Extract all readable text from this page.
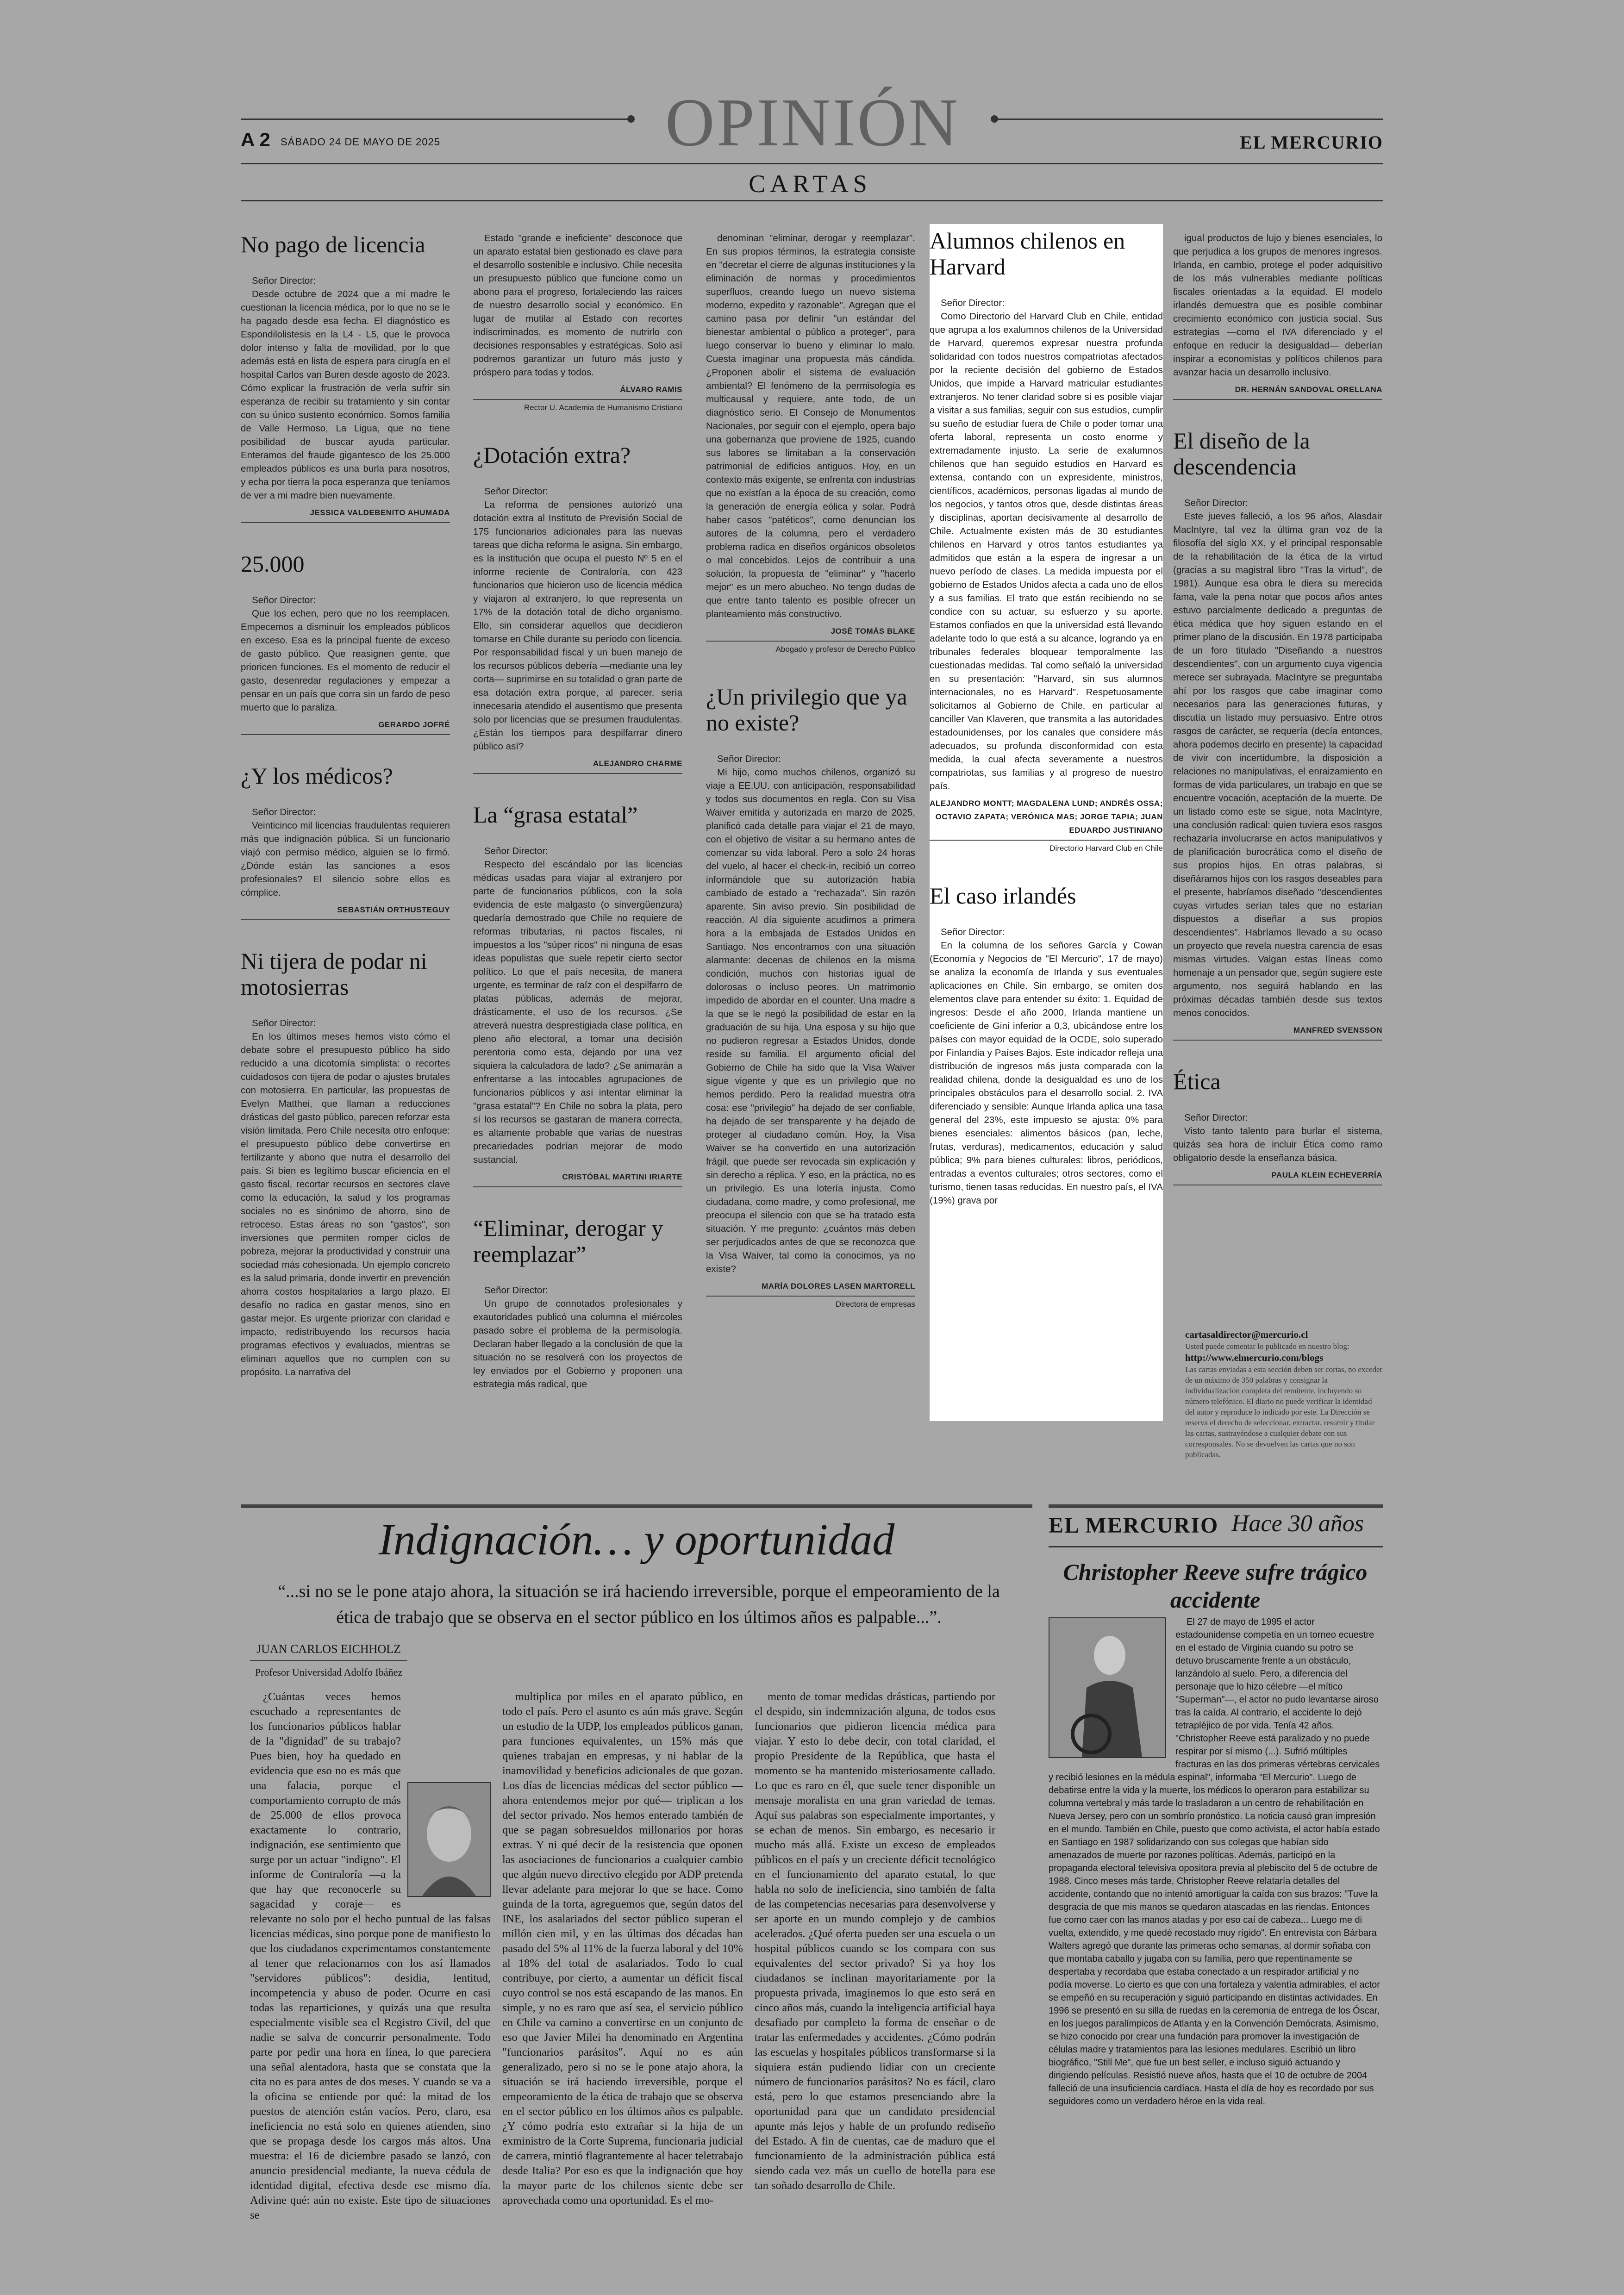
OPINIÓN
A 2 SÁBADO 24 DE MAYO DE 2025	EL MERCURIO
CARTAS
No pago de licencia

Señor Director:

Desde octubre de 2024 que a mi madre le cuestionan la licencia médica, por lo que no se le ha pagado desde esa fecha. El diagnóstico es Espondilolistesis en la L4 - L5, que le provoca dolor intenso y falta de movilidad, por lo que además está en lista de espera para cirugía en el hospital Carlos van Buren desde agosto de 2023. Cómo explicar la frustración de verla sufrir sin esperanza de recibir su tratamiento y sin contar con su único sustento económico. Somos familia de Valle Hermoso, La Ligua, que no tiene posibilidad de buscar ayuda particular. Enteramos del fraude gigantesco de los 25.000 empleados públicos es una burla para nosotros, y echa por tierra la poca esperanza que teníamos de ver a mi madre bien nuevamente.

JESSICA VALDEBENITO AHUMADA
25.000

Señor Director:

Que los echen, pero que no los reemplacen. Empecemos a disminuir los empleados públicos en exceso. Esa es la principal fuente de exceso de gasto público. Que reasignen gente, que prioricen funciones. Es el momento de reducir el gasto, desenredar regulaciones y empezar a pensar en un país que corra sin un fardo de peso muerto que lo paraliza.

GERARDO JOFRÉ
¿Y los médicos?

Señor Director:

Veinticinco mil licencias fraudulentas requieren más que indignación pública. Si un funcionario viajó con permiso médico, alguien se lo firmó. ¿Dónde están las sanciones a esos profesionales? El silencio sobre ellos es cómplice.

SEBASTIÁN ORTHUSTEGUY
Ni tijera de podar ni motosierras

Señor Director:

En los últimos meses hemos visto cómo el debate sobre el presupuesto público ha sido reducido a una dicotomía simplista: o recortes cuidadosos con tijera de podar o ajustes brutales con motosierra. En particular, las propuestas de Evelyn Matthei, que llaman a reducciones drásticas del gasto público, parecen reforzar esta visión limitada. Pero Chile necesita otro enfoque: el presupuesto público debe convertirse en fertilizante y abono que nutra el desarrollo del país. Si bien es legítimo buscar eficiencia en el gasto fiscal, recortar recursos en sectores clave como la educación, la salud y los programas sociales no es sinónimo de ahorro, sino de retroceso. Estas áreas no son "gastos", son inversiones que permiten romper ciclos de pobreza, mejorar la productividad y construir una sociedad más cohesionada. Un ejemplo concreto es la salud primaria, donde invertir en prevención ahorra costos hospitalarios a largo plazo. El desafío no radica en gastar menos, sino en gastar mejor. Es urgente priorizar con claridad e impacto, redistribuyendo los recursos hacia programas efectivos y evaluados, mientras se eliminan aquellos que no cumplen con su propósito. La narrativa del

Estado "grande e ineficiente" desconoce que un aparato estatal bien gestionado es clave para el desarrollo sostenible e inclusivo. Chile necesita un presupuesto público que funcione como un abono para el progreso, fortaleciendo las raíces de nuestro desarrollo social y económico. En lugar de mutilar al Estado con recortes indiscriminados, es momento de nutrirlo con decisiones responsables y estratégicas. Solo así podremos garantizar un futuro más justo y próspero para todas y todos.

ÁLVARO RAMIS
Rector U. Academia de Humanismo Cristiano
¿Dotación extra?

Señor Director:

La reforma de pensiones autorizó una dotación extra al Instituto de Previsión Social de 175 funcionarios adicionales para las nuevas tareas que dicha reforma le asigna. Sin embargo, es la institución que ocupa el puesto Nº 5 en el informe reciente de Contraloría, con 423 funcionarios que hicieron uso de licencia médica y viajaron al extranjero, lo que representa un 17% de la dotación total de dicho organismo. Ello, sin considerar aquellos que decidieron tomarse en Chile durante su período con licencia. Por responsabilidad fiscal y un buen manejo de los recursos públicos debería —mediante una ley corta— suprimirse en su totalidad o gran parte de esa dotación extra porque, al parecer, sería innecesaria atendido el ausentismo que presenta solo por licencias que se presumen fraudulentas. ¿Están los tiempos para despilfarrar dinero público así?

ALEJANDRO CHARME
La “grasa estatal”

Señor Director:

Respecto del escándalo por las licencias médicas usadas para viajar al extranjero por parte de funcionarios públicos, con la sola evidencia de este malgasto (o sinvergüenzura) quedaría demostrado que Chile no requiere de reformas tributarias, ni pactos fiscales, ni impuestos a los "súper ricos" ni ninguna de esas ideas populistas que suele repetir cierto sector político. Lo que el país necesita, de manera urgente, es terminar de raíz con el despilfarro de platas públicas, además de mejorar, drásticamente, el uso de los recursos. ¿Se atreverá nuestra desprestigiada clase política, en pleno año electoral, a tomar una decisión perentoria como esta, dejando por una vez siquiera la calculadora de lado? ¿Se animarán a enfrentarse a las intocables agrupaciones de funcionarios públicos y así intentar eliminar la "grasa estatal"? En Chile no sobra la plata, pero sí los recursos se gastaran de manera correcta, es altamente probable que varias de nuestras precariedades podrían mejorar de modo sustancial.

CRISTÓBAL MARTINI IRIARTE
“Eliminar, derogar y reemplazar”

Señor Director:

Un grupo de connotados profesionales y exautoridades publicó una columna el miércoles pasado sobre el problema de la permisología. Declaran haber llegado a la conclusión de que la situación no se resolverá con los proyectos de ley enviados por el Gobierno y proponen una estrategia más radical, que

denominan "eliminar, derogar y reemplazar". En sus propios términos, la estrategia consiste en "decretar el cierre de algunas instituciones y la eliminación de normas y procedimientos superfluos, creando luego un nuevo sistema moderno, expedito y razonable". Agregan que el camino pasa por definir "un estándar del bienestar ambiental o público a proteger", para luego conservar lo bueno y eliminar lo malo. Cuesta imaginar una propuesta más cándida. ¿Proponen abolir el sistema de evaluación ambiental? El fenómeno de la permisología es multicausal y requiere, ante todo, de un diagnóstico serio. El Consejo de Monumentos Nacionales, por seguir con el ejemplo, opera bajo una gobernanza que proviene de 1925, cuando sus labores se limitaban a la conservación patrimonial de edificios antiguos. Hoy, en un contexto más exigente, se enfrenta con industrias que no existían a la época de su creación, como la generación de energía eólica y solar. Podrá haber casos "patéticos", como denuncian los autores de la columna, pero el verdadero problema radica en diseños orgánicos obsoletos o mal concebidos. Lejos de contribuir a una solución, la propuesta de "eliminar" y "hacerlo mejor" es un mero abucheo. No tengo dudas de que entre tanto talento es posible ofrecer un planteamiento más constructivo.

JOSÉ TOMÁS BLAKE
Abogado y profesor de Derecho Público
¿Un privilegio que ya no existe?

Señor Director:

Mi hijo, como muchos chilenos, organizó su viaje a EE.UU. con anticipación, responsabilidad y todos sus documentos en regla. Con su Visa Waiver emitida y autorizada en marzo de 2025, planificó cada detalle para viajar el 21 de mayo, con el objetivo de visitar a su hermano antes de comenzar su vida laboral. Pero a solo 24 horas del vuelo, al hacer el check-in, recibió un correo informándole que su autorización había cambiado de estado a "rechazada". Sin razón aparente. Sin aviso previo. Sin posibilidad de reacción. Al día siguiente acudimos a primera hora a la embajada de Estados Unidos en Santiago. Nos encontramos con una situación alarmante: decenas de chilenos en la misma condición, muchos con historias igual de dolorosas o incluso peores. Un matrimonio impedido de abordar en el counter. Una madre a la que se le negó la posibilidad de estar en la graduación de su hija. Una esposa y su hijo que no pudieron regresar a Estados Unidos, donde reside su familia. El argumento oficial del Gobierno de Chile ha sido que la Visa Waiver sigue vigente y que es un privilegio que no hemos perdido. Pero la realidad muestra otra cosa: ese "privilegio" ha dejado de ser confiable, ha dejado de ser transparente y ha dejado de proteger al ciudadano común. Hoy, la Visa Waiver se ha convertido en una autorización frágil, que puede ser revocada sin explicación y sin derecho a réplica. Y eso, en la práctica, no es un privilegio. Es una lotería injusta. Como ciudadana, como madre, y como profesional, me preocupa el silencio con que se ha tratado esta situación. Y me pregunto: ¿cuántos más deben ser perjudicados antes de que se reconozca que la Visa Waiver, tal como la conocimos, ya no existe?

MARÍA DOLORES LASEN MARTORELL
Directora de empresas
Alumnos chilenos en Harvard

Señor Director:

Como Directorio del Harvard Club en Chile, entidad que agrupa a los exalumnos chilenos de la Universidad de Harvard, queremos expresar nuestra profunda solidaridad con todos nuestros compatriotas afectados por la reciente decisión del gobierno de Estados Unidos, que impide a Harvard matricular estudiantes extranjeros. No tener claridad sobre si es posible viajar a visitar a sus familias, seguir con sus estudios, cumplir su sueño de estudiar fuera de Chile o poder tomar una oferta laboral, representa un costo enorme y extremadamente injusto. La serie de exalumnos chilenos que han seguido estudios en Harvard es extensa, contando con un expresidente, ministros, científicos, académicos, personas ligadas al mundo de los negocios, y tantos otros que, desde distintas áreas y disciplinas, aportan decisivamente al desarrollo de Chile. Actualmente existen más de 30 estudiantes chilenos en Harvard y otros tantos estudiantes ya admitidos que están a la espera de ingresar a un nuevo período de clases. La medida impuesta por el gobierno de Estados Unidos afecta a cada uno de ellos y a sus familias. El trato que están recibiendo no se condice con su actuar, su esfuerzo y su aporte. Estamos confiados en que la universidad está llevando adelante todo lo que está a su alcance, logrando ya en tribunales federales bloquear temporalmente las cuestionadas medidas. Tal como señaló la universidad en su presentación: "Harvard, sin sus alumnos internacionales, no es Harvard". Respetuosamente solicitamos al Gobierno de Chile, en particular al canciller Van Klaveren, que transmita a las autoridades estadounidenses, por los canales que considere más adecuados, su profunda disconformidad con esta medida, la cual afecta severamente a nuestros compatriotas, sus familias y al progreso de nuestro país.

ALEJANDRO MONTT; MAGDALENA LUND; ANDRÉS OSSA; OCTAVIO ZAPATA; VERÓNICA MAS; JORGE TAPIA; JUAN EDUARDO JUSTINIANO
Directorio Harvard Club en Chile
El caso irlandés

Señor Director:

En la columna de los señores García y Cowan (Economía y Negocios de "El Mercurio", 17 de mayo) se analiza la economía de Irlanda y sus eventuales aplicaciones en Chile. Sin embargo, se omiten dos elementos clave para entender su éxito: 1. Equidad de ingresos: Desde el año 2000, Irlanda mantiene un coeficiente de Gini inferior a 0,3, ubicándose entre los países con mayor equidad de la OCDE, solo superado por Finlandia y Países Bajos. Este indicador refleja una distribución de ingresos más justa comparada con la realidad chilena, donde la desigualdad es uno de los principales obstáculos para el desarrollo social. 2. IVA diferenciado y sensible: Aunque Irlanda aplica una tasa general del 23%, este impuesto se ajusta: 0% para bienes esenciales: alimentos básicos (pan, leche, frutas, verduras), medicamentos, educación y salud pública; 9% para bienes culturales: libros, periódicos, entradas a eventos culturales; otros sectores, como el turismo, tienen tasas reducidas. En nuestro país, el IVA (19%) grava por

igual productos de lujo y bienes esenciales, lo que perjudica a los grupos de menores ingresos. Irlanda, en cambio, protege el poder adquisitivo de los más vulnerables mediante políticas fiscales orientadas a la equidad. El modelo irlandés demuestra que es posible combinar crecimiento económico con justicia social. Sus estrategias —como el IVA diferenciado y el enfoque en reducir la desigualdad— deberían inspirar a economistas y políticos chilenos para avanzar hacia un desarrollo inclusivo.

DR. HERNÁN SANDOVAL ORELLANA
El diseño de la descendencia

Señor Director:

Este jueves falleció, a los 96 años, Alasdair MacIntyre, tal vez la última gran voz de la filosofía del siglo XX, y el principal responsable de la rehabilitación de la ética de la virtud (gracias a su magistral libro "Tras la virtud", de 1981). Aunque esa obra le diera su merecida fama, vale la pena notar que pocos años antes estuvo parcialmente dedicado a preguntas de ética médica que hoy siguen estando en el primer plano de la discusión. En 1978 participaba de un foro titulado "Diseñando a nuestros descendientes", con un argumento cuya vigencia merece ser subrayada. MacIntyre se preguntaba ahí por los rasgos que cabe imaginar como necesarios para las generaciones futuras, y discutía un listado muy persuasivo. Entre otros rasgos de carácter, se requería (decía entonces, ahora podemos decirlo en presente) la capacidad de vivir con incertidumbre, la disposición a relaciones no manipulativas, el enraizamiento en formas de vida particulares, un trabajo en que se encuentre vocación, aceptación de la muerte. De un listado como este se sigue, nota MacIntyre, una conclusión radical: quien tuviera esos rasgos rechazaría involucrarse en actos manipulativos y de planificación burocrática como el diseño de sus propios hijos. En otras palabras, si diseñáramos hijos con los rasgos deseables para el presente, habríamos diseñado "descendientes cuyas virtudes serían tales que no estarían dispuestos a diseñar a sus propios descendientes". Habríamos llevado a su ocaso un proyecto que revela nuestra carencia de esas mismas virtudes. Valgan estas líneas como homenaje a un pensador que, según sugiere este argumento, nos seguirá hablando en las próximas décadas también desde sus textos menos conocidos.

MANFRED SVENSSON
Ética

Señor Director:

Visto tanto talento para burlar el sistema, quizás sea hora de incluir Ética como ramo obligatorio desde la enseñanza básica.

PAULA KLEIN ECHEVERRÍA
cartasaldirector@mercurio.cl
Usted puede comentar lo publicado en nuestro blog:
http://www.elmercurio.com/blogs
Las cartas enviadas a esta sección deben ser cortas, no exceder de un máximo de 350 palabras y consignar la individualización completa del remitente, incluyendo su número telefónico. El diario no puede verificar la identidad del autor y reproduce lo indicado por este. La Dirección se reserva el derecho de seleccionar, extractar, resumir y titular las cartas, sustrayéndose a cualquier debate con sus corresponsales. No se devuelven las cartas que no son publicadas.
Indignación… y oportunidad
“...si no se le pone atajo ahora, la situación se irá haciendo irreversible, porque el empeoramiento de la ética de trabajo que se observa en el sector público en los últimos años es palpable...”.
JUAN CARLOS EICHHOLZ
Profesor Universidad Adolfo Ibáñez

¿Cuántas veces hemos escuchado a representantes de los funcionarios públicos hablar de la "dignidad" de su trabajo? Pues bien, hoy ha quedado en evidencia que eso no es más que una falacia, porque el comportamiento corrupto de más de 25.000 de ellos provoca exactamente lo contrario, indignación, ese sentimiento que surge por un actuar "indigno". El informe de Contraloría —a la que hay que reconocerle su sagacidad y coraje— es relevante no solo por el hecho puntual de las falsas licencias médicas, sino porque pone de manifiesto lo que los ciudadanos experimentamos constantemente al tener que relacionarnos con los así llamados "servidores públicos": desidia, lentitud, incompetencia y abuso de poder. Ocurre en casi todas las reparticiones, y quizás una que resulta especialmente visible sea el Registro Civil, del que nadie se salva de concurrir personalmente. Todo parte por pedir una hora en línea, lo que pareciera una señal alentadora, hasta que se constata que la cita no es para antes de dos meses. Y cuando se va a la oficina se entiende por qué: la mitad de los puestos de atención están vacíos. Pero, claro, esa ineficiencia no está solo en quienes atienden, sino que se propaga desde los cargos más altos. Una muestra: el 16 de diciembre pasado se lanzó, con anuncio presidencial mediante, la nueva cédula de identidad digital, efectiva desde ese mismo día. Adivine qué: aún no existe. Este tipo de situaciones se

multiplica por miles en el aparato público, en todo el país. Pero el asunto es aún más grave. Según un estudio de la UDP, los empleados públicos ganan, para funciones equivalentes, un 15% más que quienes trabajan en empresas, y ni hablar de la inamovilidad y beneficios adicionales de que gozan. Los días de licencias médicas del sector público —ahora entendemos mejor por qué— triplican a los del sector privado. Nos hemos enterado también de que se pagan sobresueldos millonarios por horas extras. Y ni qué decir de la resistencia que oponen las asociaciones de funcionarios a cualquier cambio que algún nuevo directivo elegido por ADP pretenda llevar adelante para mejorar lo que se hace. Como guinda de la torta, agreguemos que, según datos del INE, los asalariados del sector público superan el millón cien mil, y en las últimas dos décadas han pasado del 5% al 11% de la fuerza laboral y del 10% al 18% del total de asalariados. Todo lo cual contribuye, por cierto, a aumentar un déficit fiscal cuyo control se nos está escapando de las manos. En simple, y no es raro que así sea, el servicio público en Chile va camino a convertirse en un conjunto de eso que Javier Milei ha denominado en Argentina "funcionarios parásitos". Aquí no es aún generalizado, pero si no se le pone atajo ahora, la situación se irá haciendo irreversible, porque el empeoramiento de la ética de trabajo que se observa en el sector público en los últimos años es palpable. ¿Y cómo podría esto extrañar si la hija de un exministro de la Corte Suprema, funcionaria judicial de carrera, mintió flagrantemente al hacer teletrabajo desde Italia? Por eso es que la indignación que hoy la mayor parte de los chilenos siente debe ser aprovechada como una oportunidad. Es el mo-

mento de tomar medidas drásticas, partiendo por el despido, sin indemnización alguna, de todos esos funcionarios que pidieron licencia médica para viajar. Y esto lo debe decir, con total claridad, el propio Presidente de la República, que hasta el momento se ha mantenido misteriosamente callado. Lo que es raro en él, que suele tener disponible un mensaje moralista en una gran variedad de temas. Aquí sus palabras son especialmente importantes, y se echan de menos. Sin embargo, es necesario ir mucho más allá. Existe un exceso de empleados públicos en el país y un creciente déficit tecnológico en el funcionamiento del aparato estatal, lo que habla no solo de ineficiencia, sino también de falta de las competencias necesarias para desenvolverse y ser aporte en un mundo complejo y de cambios acelerados. ¿Qué oferta pueden ser una escuela o un hospital públicos cuando se los compara con sus equivalentes del sector privado? Si ya hoy los ciudadanos se inclinan mayoritariamente por la propuesta privada, imaginemos lo que esto será en cinco años más, cuando la inteligencia artificial haya desafiado por completo la forma de enseñar o de tratar las enfermedades y accidentes. ¿Cómo podrán las escuelas y hospitales públicos transformarse si la siquiera están pudiendo lidiar con un creciente número de funcionarios parásitos? No es fácil, claro está, pero lo que estamos presenciando abre la oportunidad para que un candidato presidencial apunte más lejos y hable de un profundo rediseño del Estado. A fin de cuentas, cae de maduro que el funcionamiento de la administración pública está siendo cada vez más un cuello de botella para ese tan soñado desarrollo de Chile.

EL MERCURIO Hace 30 años
Christopher Reeve sufre trágico accidente

El 27 de mayo de 1995 el actor estadounidense competía en un torneo ecuestre en el estado de Virginia cuando su potro se detuvo bruscamente frente a un obstáculo, lanzándolo al suelo. Pero, a diferencia del personaje que lo hizo célebre —el mítico "Superman"—, el actor no pudo levantarse airoso tras la caída. Al contrario, el accidente lo dejó tetrapléjico de por vida. Tenía 42 años. "Christopher Reeve está paralizado y no puede respirar por sí mismo (...). Sufrió múltiples fracturas en las dos primeras vértebras cervicales y recibió lesiones en la médula espinal", informaba "El Mercurio". Luego de debatirse entre la vida y la muerte, los médicos lo operaron para estabilizar su columna vertebral y más tarde lo trasladaron a un centro de rehabilitación en Nueva Jersey, pero con un sombrío pronóstico. La noticia causó gran impresión en el mundo. También en Chile, puesto que como activista, el actor había estado en Santiago en 1987 solidarizando con sus colegas que habían sido amenazados de muerte por razones políticas. Además, participó en la propaganda electoral televisiva opositora previa al plebiscito del 5 de octubre de 1988. Cinco meses más tarde, Christopher Reeve relataría detalles del accidente, contando que no intentó amortiguar la caída con sus brazos: "Tuve la desgracia de que mis manos se quedaron atascadas en las riendas. Entonces fue como caer con las manos atadas y por eso caí de cabeza... Luego me di vuelta, extendido, y me quedé recostado muy rígido". En entrevista con Bárbara Walters agregó que durante las primeras ocho semanas, al dormir soñaba con que montaba caballo y jugaba con su familia, pero que repentinamente se despertaba y recordaba que estaba conectado a un respirador artificial y no podía moverse. Lo cierto es que con una fortaleza y valentía admirables, el actor se empeñó en su recuperación y siguió participando en distintas actividades. En 1996 se presentó en su silla de ruedas en la ceremonia de entrega de los Óscar, en los juegos paralímpicos de Atlanta y en la Convención Demócrata. Asimismo, se hizo conocido por crear una fundación para promover la investigación de células madre y tratamientos para las lesiones medulares. Escribió un libro biográfico, "Still Me", que fue un best seller, e incluso siguió actuando y dirigiendo películas. Resistió nueve años, hasta que el 10 de octubre de 2004 falleció de una insuficiencia cardíaca. Hasta el día de hoy es recordado por sus seguidores como un verdadero héroe en la vida real.
